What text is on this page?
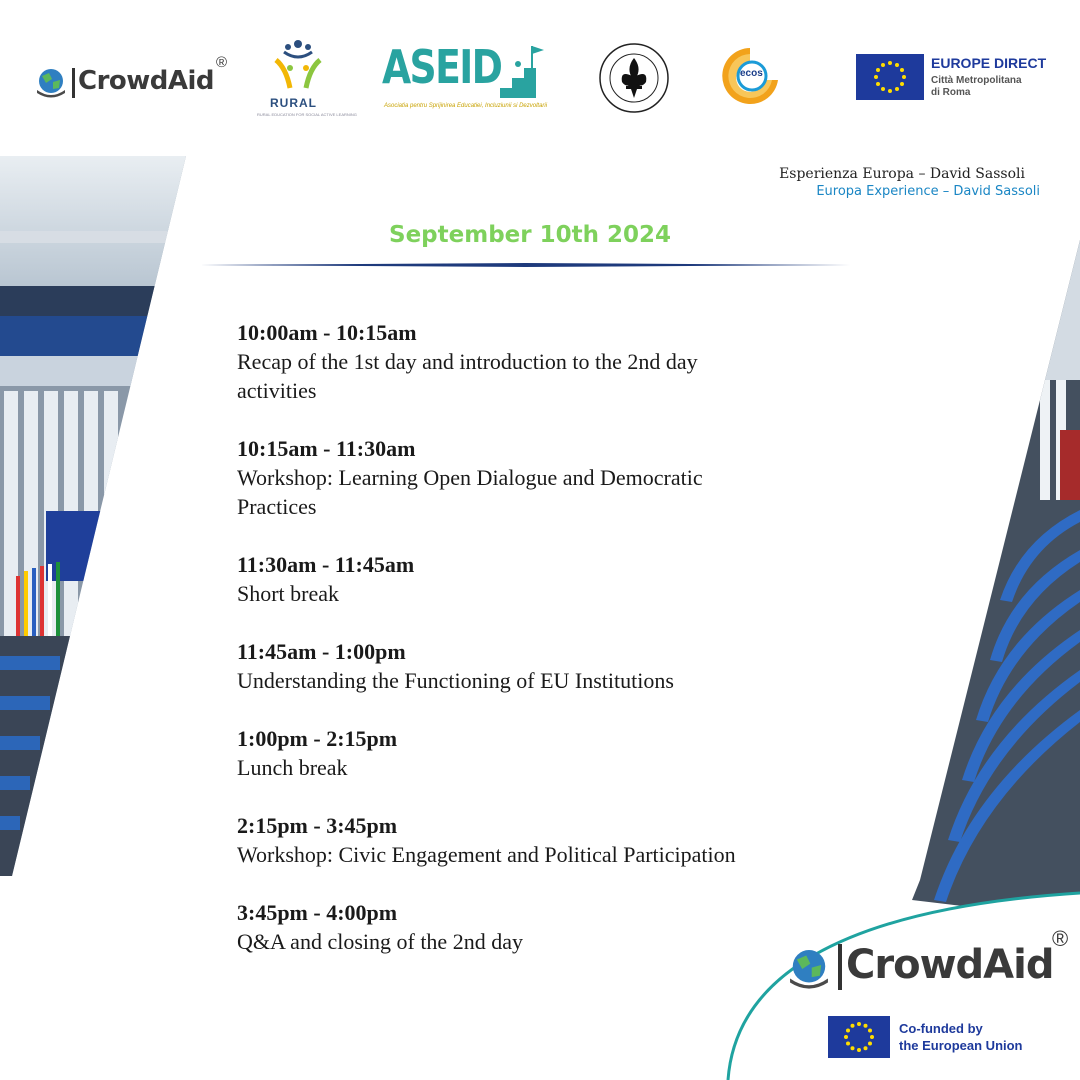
CrowdAid
®
RURAL
RURAL EDUCATION FOR SOCIAL ACTIVE LEARNING
ASEID
Asociatia pentru Sprijinirea Educatiei, Incluziunii si Dezvoltarii
ecos
EUROPE DIRECT
Città Metropolitana
di Roma
Esperienza Europa – David Sassoli
Europa Experience – David Sassoli
September 10th 2024
10:00am - 10:15am
Recap of the 1st day and introduction to the 2nd day
activities
10:15am - 11:30am
Workshop: Learning Open Dialogue and Democratic
Practices
11:30am - 11:45am
Short break
11:45am - 1:00pm
Understanding the Functioning of EU Institutions
1:00pm - 2:15pm
Lunch break
2:15pm - 3:45pm
Workshop: Civic Engagement and Political Participation
3:45pm - 4:00pm
Q&A and closing of the 2nd day
CrowdAid
®
Co-funded by
the European Union
